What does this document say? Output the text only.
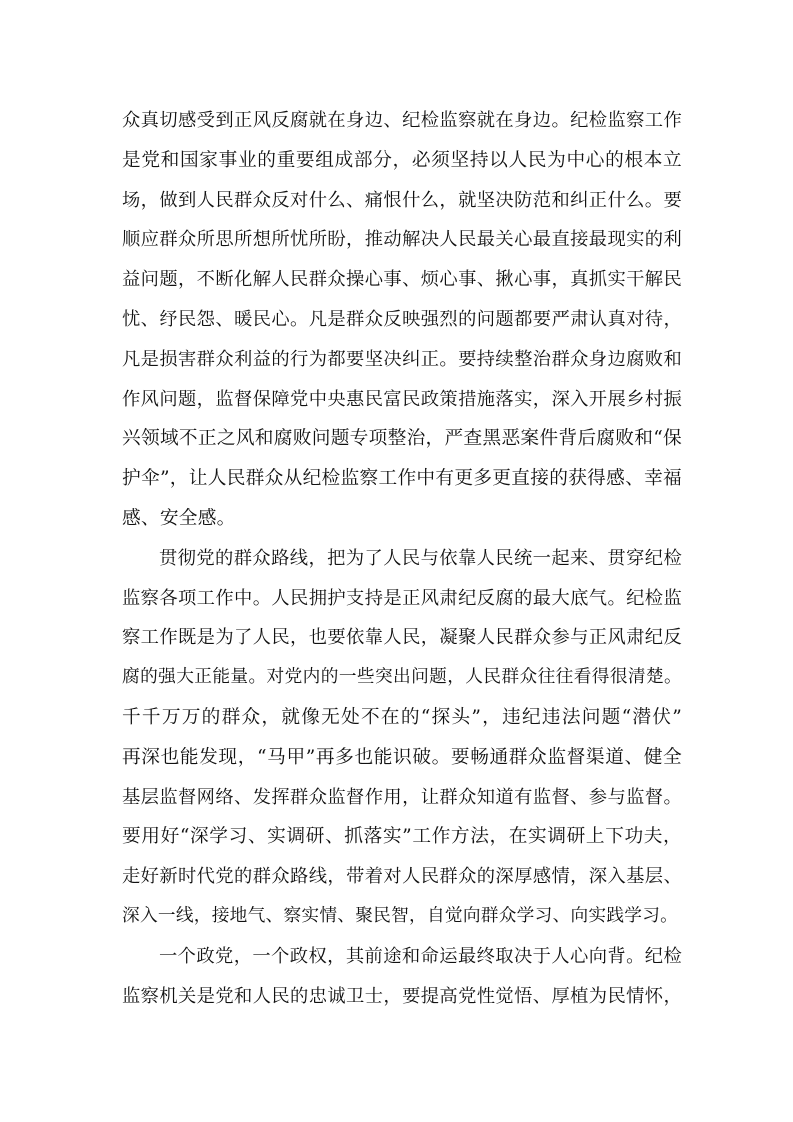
众真切感受到正风反腐就在身边、纪检监察就在身边。纪检监察工作
是党和国家事业的重要组成部分，必须坚持以人民为中心的根本立
场，做到人民群众反对什么、痛恨什么，就坚决防范和纠正什么。要
顺应群众所思所想所忧所盼，推动解决人民最关心最直接最现实的利
益问题，不断化解人民群众操心事、烦心事、揪心事，真抓实干解民
忧、纾民怨、暖民心。凡是群众反映强烈的问题都要严肃认真对待，
凡是损害群众利益的行为都要坚决纠正。要持续整治群众身边腐败和
作风问题，监督保障党中央惠民富民政策措施落实，深入开展乡村振
兴领域不正之风和腐败问题专项整治，严查黑恶案件背后腐败和“保
护伞”，让人民群众从纪检监察工作中有更多更直接的获得感、幸福
感、安全感。
贯彻党的群众路线，把为了人民与依靠人民统一起来、贯穿纪检
监察各项工作中。人民拥护支持是正风肃纪反腐的最大底气。纪检监
察工作既是为了人民，也要依靠人民，凝聚人民群众参与正风肃纪反
腐的强大正能量。对党内的一些突出问题，人民群众往往看得很清楚。
千千万万的群众，就像无处不在的“探头”，违纪违法问题“潜伏”
再深也能发现，“马甲”再多也能识破。要畅通群众监督渠道、健全
基层监督网络、发挥群众监督作用，让群众知道有监督、参与监督。
要用好“深学习、实调研、抓落实”工作方法，在实调研上下功夫，
走好新时代党的群众路线，带着对人民群众的深厚感情，深入基层、
深入一线，接地气、察实情、聚民智，自觉向群众学习、向实践学习。
一个政党，一个政权，其前途和命运最终取决于人心向背。纪检
监察机关是党和人民的忠诚卫士，要提高党性觉悟、厚植为民情怀，
